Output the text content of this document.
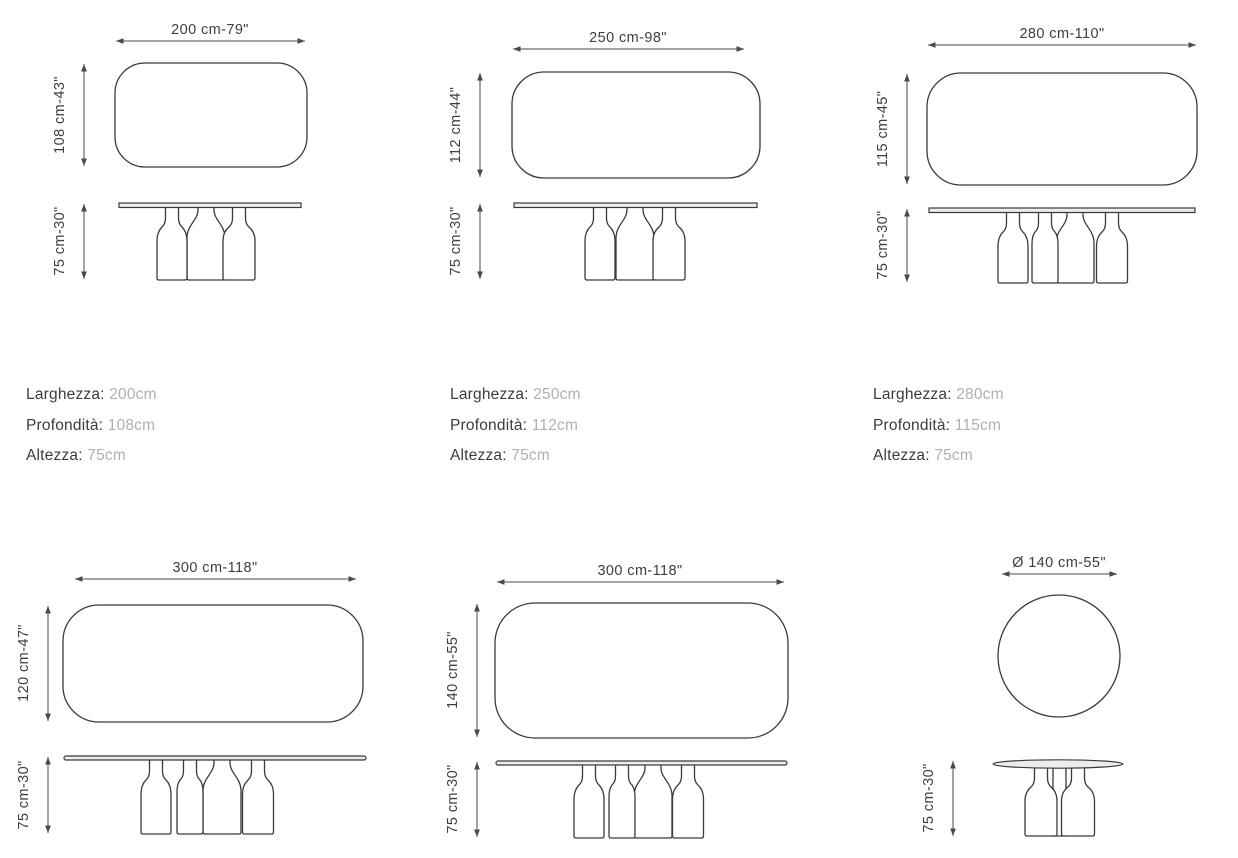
200 cm-79"
108 cm-43"
75 cm-30"
250 cm-98"
112 cm-44"
75 cm-30"
280 cm-110"
115 cm-45"
75 cm-30"
300 cm-118"
120 cm-47"
75 cm-30"
300 cm-118"
140 cm-55"
75 cm-30"
Ø 140 cm-55"
75 cm-30"
Larghezza: 200cm
Profondità: 108cm
Altezza: 75cm
Larghezza: 250cm
Profondità: 112cm
Altezza: 75cm
Larghezza: 280cm
Profondità: 115cm
Altezza: 75cm
